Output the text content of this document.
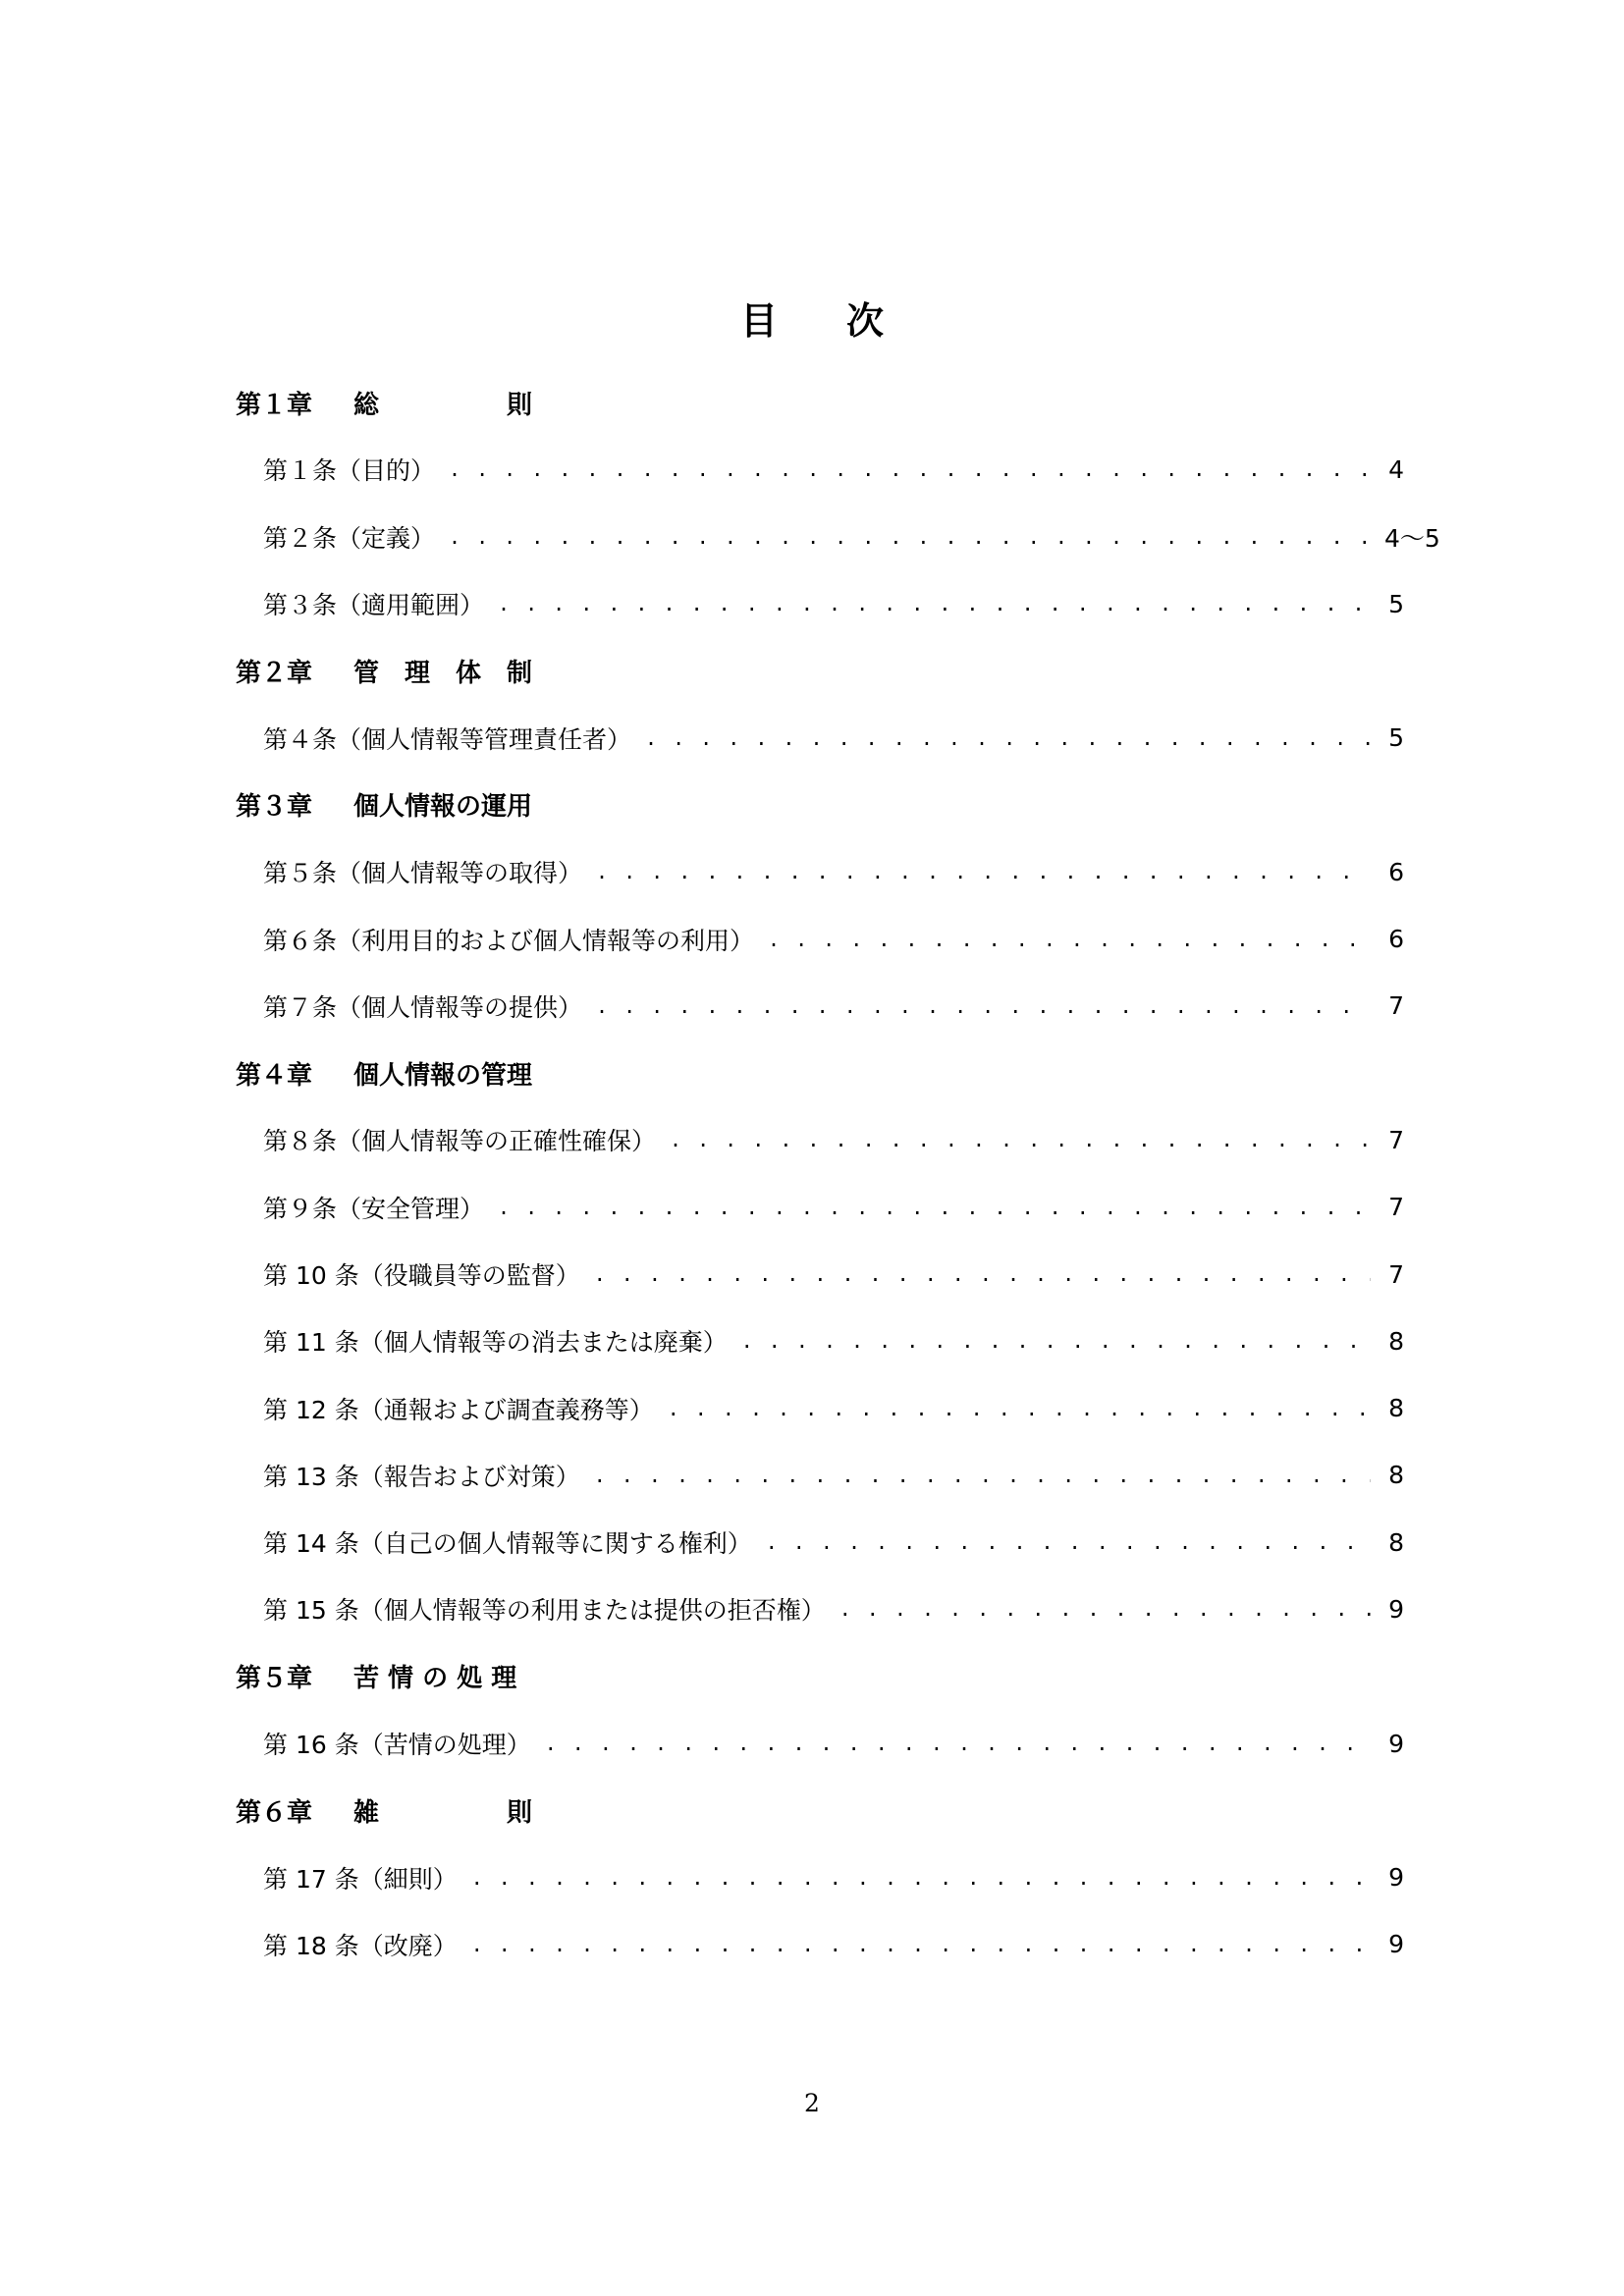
目 次
第１章	総　　　　　則
第１条（目的） . . .	4
第２条（定義） . . .	4～5
第３条（適用範囲） . . .	5
第２章	管　理　体　制
第４条（個人情報等管理責任者） . . .	5
第３章	個人情報の運用
第５条（個人情報等の取得） . . .	6
第６条（利用目的および個人情報等の利用） . . .	6
第７条（個人情報等の提供） . . .	7
第４章	個人情報の管理
第８条（個人情報等の正確性確保） . . .	7
第９条（安全管理） . . .	7
第 10 条（役職員等の監督） . . .	7
第 11 条（個人情報等の消去または廃棄） . . .	8
第 12 条（通報および調査義務等） . . .	8
第 13 条（報告および対策） . . .	8
第 14 条（自己の個人情報等に関する権利） . . .	8
第 15 条（個人情報等の利用または提供の拒否権） . . .	9
第５章	苦 情 の 処 理
第 16 条（苦情の処理） . . .	9
第６章	雑　　　　　則
第 17 条（細則） . . .	9
第 18 条（改廃） . . .	9
2
